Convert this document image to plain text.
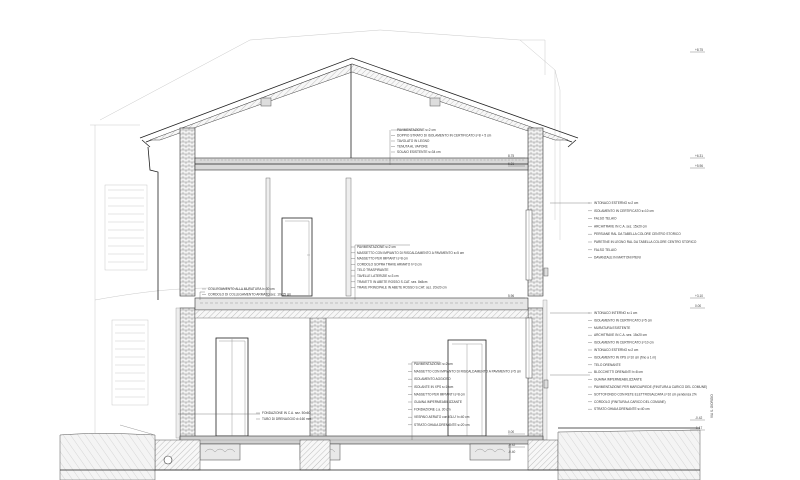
PAVIMENTAZIONE s=2 cm
DOPPIO STRATO DI ISOLAMENTO IN CERTIFICATO s=8 + 5 cm
TAVOLATO IN LEGNO
TENUTA AL VAPORE
SOLAIO ESISTENTE s=34 cm
PAVIMENTAZIONE s=2 cm
MASSETTO CON IMPIANTO DI RISCALDAMENTO A PAVIMENTO s=5 cm
MASSETTO PER IMPIANTI s=8 cm
CORDOLO SOPRA TRAVE ARMATO h=3 cm
TELO TRASPIRANTE
TAVELLE LATERIZIE s=3 cm
TRAVETTI IN ABETE ROSSO S.CAT. sez. 8x8cm
TRAVE PRINCIPALE IN ABETE ROSSO S.CAT. sez. 20x20 cm
COLLEGAMENTO ALLA MURATURA h=30 cm
CORDOLO DI COLLEGAMENTO ARMATO sez. 10x15 cm
PAVIMENTAZIONE s=2 cm
MASSETTO CON IMPIANTO DI RISCALDAMENTO A PAVIMENTO s=5 cm
ISOLAMENTO AGGIOSO
ISOLANTE IN XPS s=10cm
MASSETTO PER IMPIANTI s=8 cm
GUAINA IMPERMEABILIZZANTE
FONDAZIONE c.a. 30 cm
VESPAIO AERATO con IGLU' h=40 cm
STRATO GHIAIA DRENANTE s=20 cm
FONDAZIONE IN C.A. sez. 50x60
TUBO DI DRENAGGIO d=160 mm
INTONACO ESTERNO s=2 cm
ISOLAMENTO IN CERTIFICATO s=10 cm
FALSO TELAIO
ARCHITRAVE IN C.A. sez. 15x20 cm
PERSIANE RAL DA TABELLA COLORE CENTRO STORICO
PARETINE IN LEGNO RAL DA TABELLA COLORE CENTRO STORICO
FALSO TELAIO
DAVANZALE IN MATTONI PIENI
INTONACO INTERNO s=1 cm
ISOLAMENTO IN CERTIFICATO s=5 cm
MURATURA ESISTENTE
ARCHITRAVE IN C.A. sez. 15x20 cm
ISOLAMENTO IN CERTIFICATO s=10 cm
INTONACO ESTERNO s=2 cm
ISOLAMENTO IN XPS s=10 cm (fino a 1 m)
TELO DRENANTE
BLOCCHETTI DRENANTI h=8 cm
GUAINA IMPERMEABILIZZANTE
PAVIMENTAZIONE PER MARCIAPIEDE (FINITURA A CARICO DEL COMUNE)
SOTTOFONDO CON RETE ELETTROSALDATA s=10 cm pendenza 2%
CORDOLO (FINITURA A CARICO DEL COMUNE)
STRATO GHIAIA DRENANTE s=40 cm
8.75
6.31
5.96
0.00
-0.42
-0.40
+8.75
+6.31
+5.96
+3.10
0.00
-0.42
-1.17
VIA S. GIORGIO
